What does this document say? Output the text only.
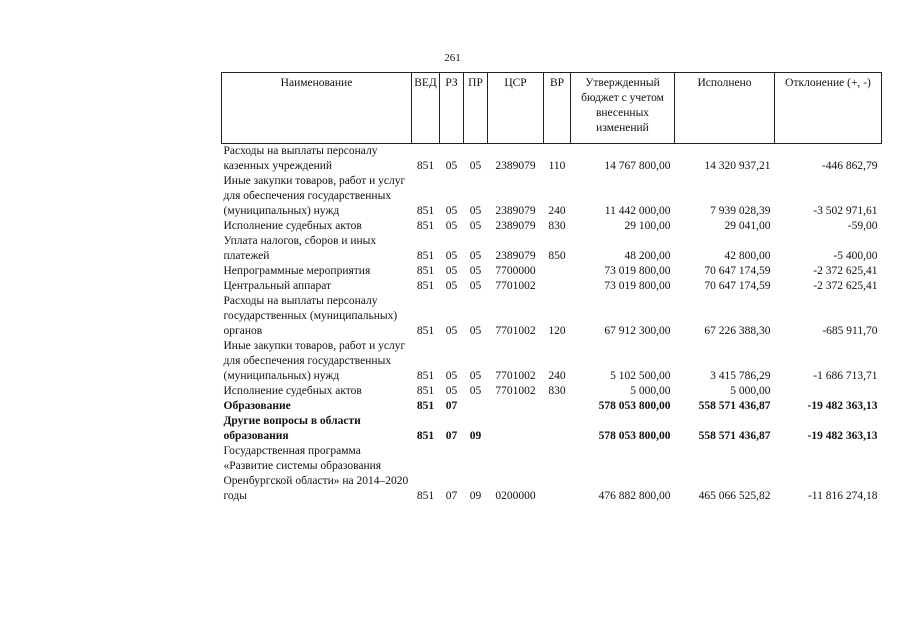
261
Наименование	ВЕД	РЗ	ПР	ЦСР	ВР	Утвержденный бюджет с учетом внесенных изменений	Исполнено	Отклонение (+, -)
Расходы на выплаты персоналу казенных учреждений	851	05	05	2389079	110	14 767 800,00	14 320 937,21	-446 862,79
Иные закупки товаров, работ и услуг для обеспечения государственных (муниципальных) нужд	851	05	05	2389079	240	11 442 000,00	7 939 028,39	-3 502 971,61
Исполнение судебных актов	851	05	05	2389079	830	29 100,00	29 041,00	-59,00
Уплата налогов, сборов и иных платежей	851	05	05	2389079	850	48 200,00	42 800,00	-5 400,00
Непрограммные мероприятия	851	05	05	7700000		73 019 800,00	70 647 174,59	-2 372 625,41
Центральный аппарат	851	05	05	7701002		73 019 800,00	70 647 174,59	-2 372 625,41
Расходы на выплаты персоналу государственных (муниципальных) органов	851	05	05	7701002	120	67 912 300,00	67 226 388,30	-685 911,70
Иные закупки товаров, работ и услуг для обеспечения государственных (муниципальных) нужд	851	05	05	7701002	240	5 102 500,00	3 415 786,29	-1 686 713,71
Исполнение судебных актов	851	05	05	7701002	830	5 000,00	5 000,00	
Образование	851	07				578 053 800,00	558 571 436,87	-19 482 363,13
Другие вопросы в области образования	851	07	09			578 053 800,00	558 571 436,87	-19 482 363,13
Государственная программа «Развитие системы образования Оренбургской области» на 2014–2020 годы	851	07	09	0200000		476 882 800,00	465 066 525,82	-11 816 274,18
